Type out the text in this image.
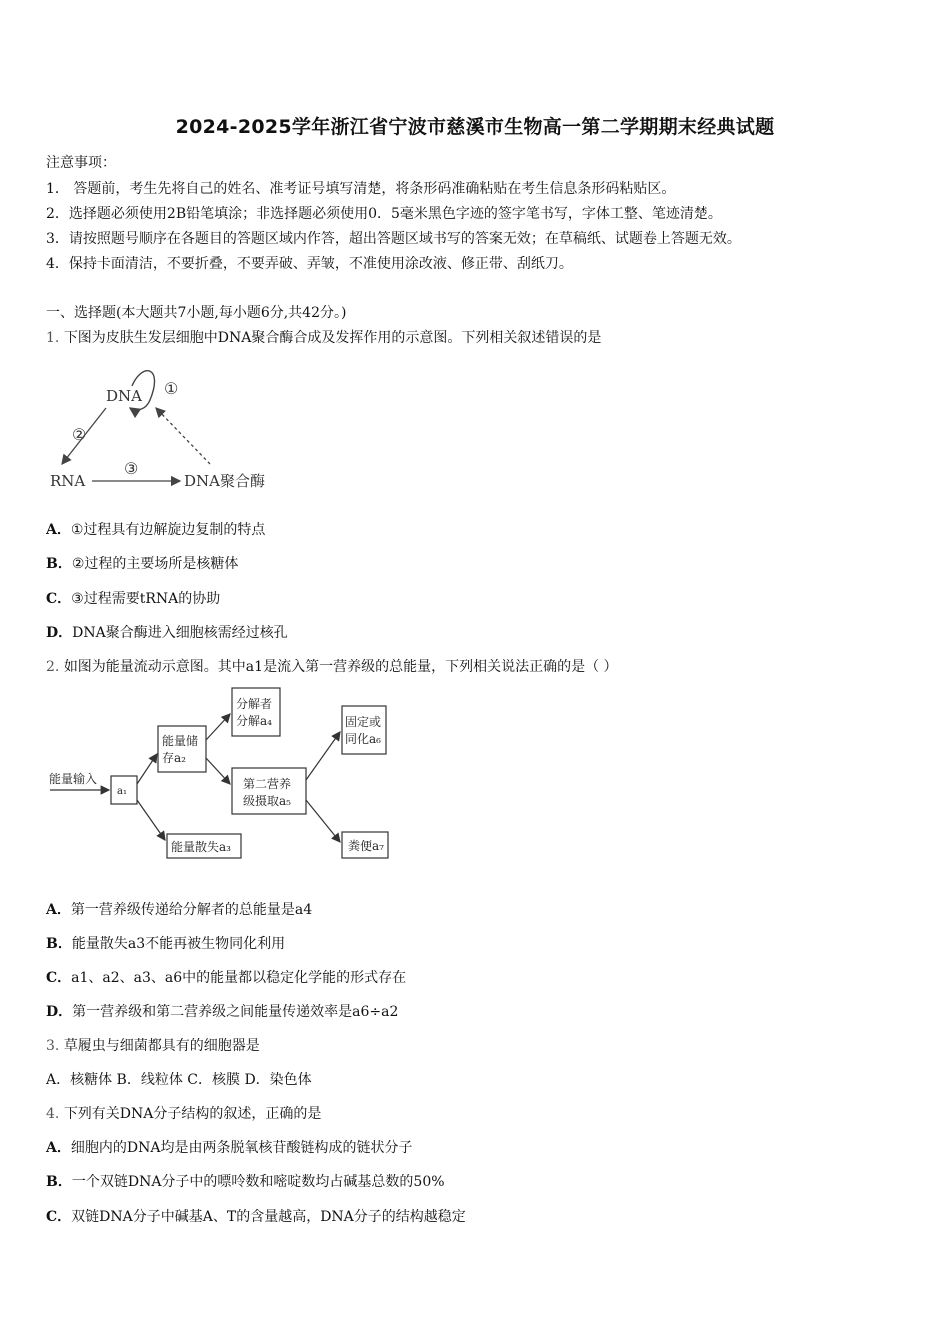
2024-2025学年浙江省宁波市慈溪市生物高一第二学期期末经典试题
注意事项：
1． 答题前，考生先将自己的姓名、准考证号填写清楚，将条形码准确粘贴在考生信息条形码粘贴区。
2．选择题必须使用2B铅笔填涂；非选择题必须使用0．5毫米黑色字迹的签字笔书写，字体工整、笔迹清楚。
3．请按照题号顺序在各题目的答题区域内作答，超出答题区域书写的答案无效；在草稿纸、试题卷上答题无效。
4．保持卡面清洁，不要折叠，不要弄破、弄皱，不准使用涂改液、修正带、刮纸刀。
一、选择题(本大题共7小题,每小题6分,共42分。)
1. 下图为皮肤生发层细胞中DNA聚合酶合成及发挥作用的示意图。下列相关叙述错误的是
DNA ①
②
RNA
③
DNA聚合酶
A．①过程具有边解旋边复制的特点
B．②过程的主要场所是核糖体
C．③过程需要tRNA的协助
D．DNA聚合酶进入细胞核需经过核孔
2. 如图为能量流动示意图。其中a1是流入第一营养级的总能量，下列相关说法正确的是（ ）
能量输入
a₁
能量储
存a₂
分解者
分解a₄
第二营养
级摄取a₅
固定或
同化a₆
能量散失a₃	粪便a₇
A．第一营养级传递给分解者的总能量是a4
B．能量散失a3不能再被生物同化利用
C．a1、a2、a3、a6中的能量都以稳定化学能的形式存在
D．第一营养级和第二营养级之间能量传递效率是a6÷a2
3. 草履虫与细菌都具有的细胞器是
A．核糖体 B．线粒体 C．核膜 D．染色体
4. 下列有关DNA分子结构的叙述，正确的是
A．细胞内的DNA均是由两条脱氧核苷酸链构成的链状分子
B．一个双链DNA分子中的嘌呤数和嘧啶数均占碱基总数的50%
C．双链DNA分子中碱基A、T的含量越高，DNA分子的结构越稳定
